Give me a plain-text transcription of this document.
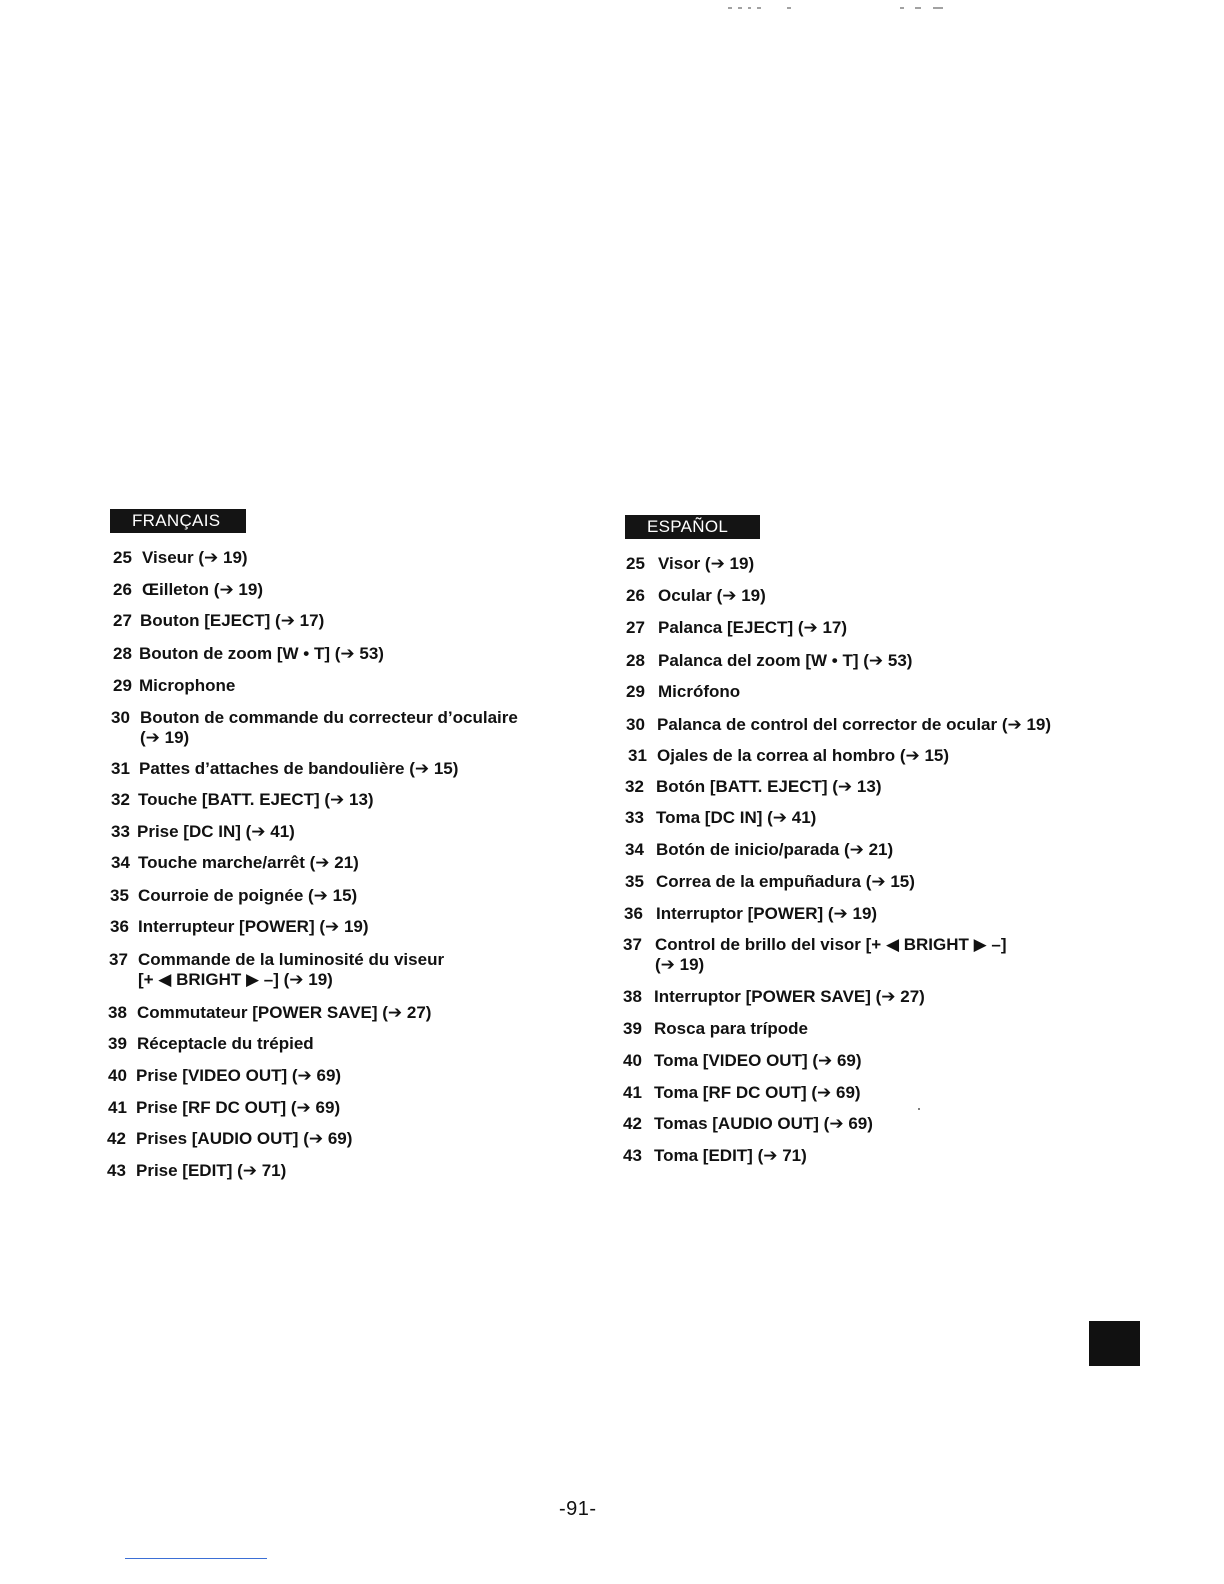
FRANÇAIS
25 Viseur (➔ 19)
26 Œilleton (➔ 19)
27 Bouton [EJECT] (➔ 17)
28 Bouton de zoom [W • T] (➔ 53)
29 Microphone
30 Bouton de commande du correcteur d’oculaire
(➔ 19)
31 Pattes d’attaches de bandoulière (➔ 15)
32 Touche [BATT. EJECT] (➔ 13)
33 Prise [DC IN] (➔ 41)
34 Touche marche/arrêt (➔ 21)
35 Courroie de poignée (➔ 15)
36 Interrupteur [POWER] (➔ 19)
37 Commande de la luminosité du viseur
[+ ◀ BRIGHT ▶ –] (➔ 19)
38 Commutateur [POWER SAVE] (➔ 27)
39 Réceptacle du trépied
40 Prise [VIDEO OUT] (➔ 69)
41 Prise [RF DC OUT] (➔ 69)
42 Prises [AUDIO OUT] (➔ 69)
43 Prise [EDIT] (➔ 71)
ESPAÑOL
25 Visor (➔ 19)
26 Ocular (➔ 19)
27 Palanca [EJECT] (➔ 17)
28 Palanca del zoom [W • T] (➔ 53)
29 Micrófono
30 Palanca de control del corrector de ocular (➔ 19)
31 Ojales de la correa al hombro (➔ 15)
32 Botón [BATT. EJECT] (➔ 13)
33 Toma [DC IN] (➔ 41)
34 Botón de inicio/parada (➔ 21)
35 Correa de la empuñadura (➔ 15)
36 Interruptor [POWER] (➔ 19)
37 Control de brillo del visor [+ ◀ BRIGHT ▶ –]
(➔ 19)
38 Interruptor [POWER SAVE] (➔ 27)
39 Rosca para trípode
40 Toma [VIDEO OUT] (➔ 69)
41 Toma [RF DC OUT] (➔ 69)
42 Tomas [AUDIO OUT] (➔ 69)
43 Toma [EDIT] (➔ 71)
-91-
